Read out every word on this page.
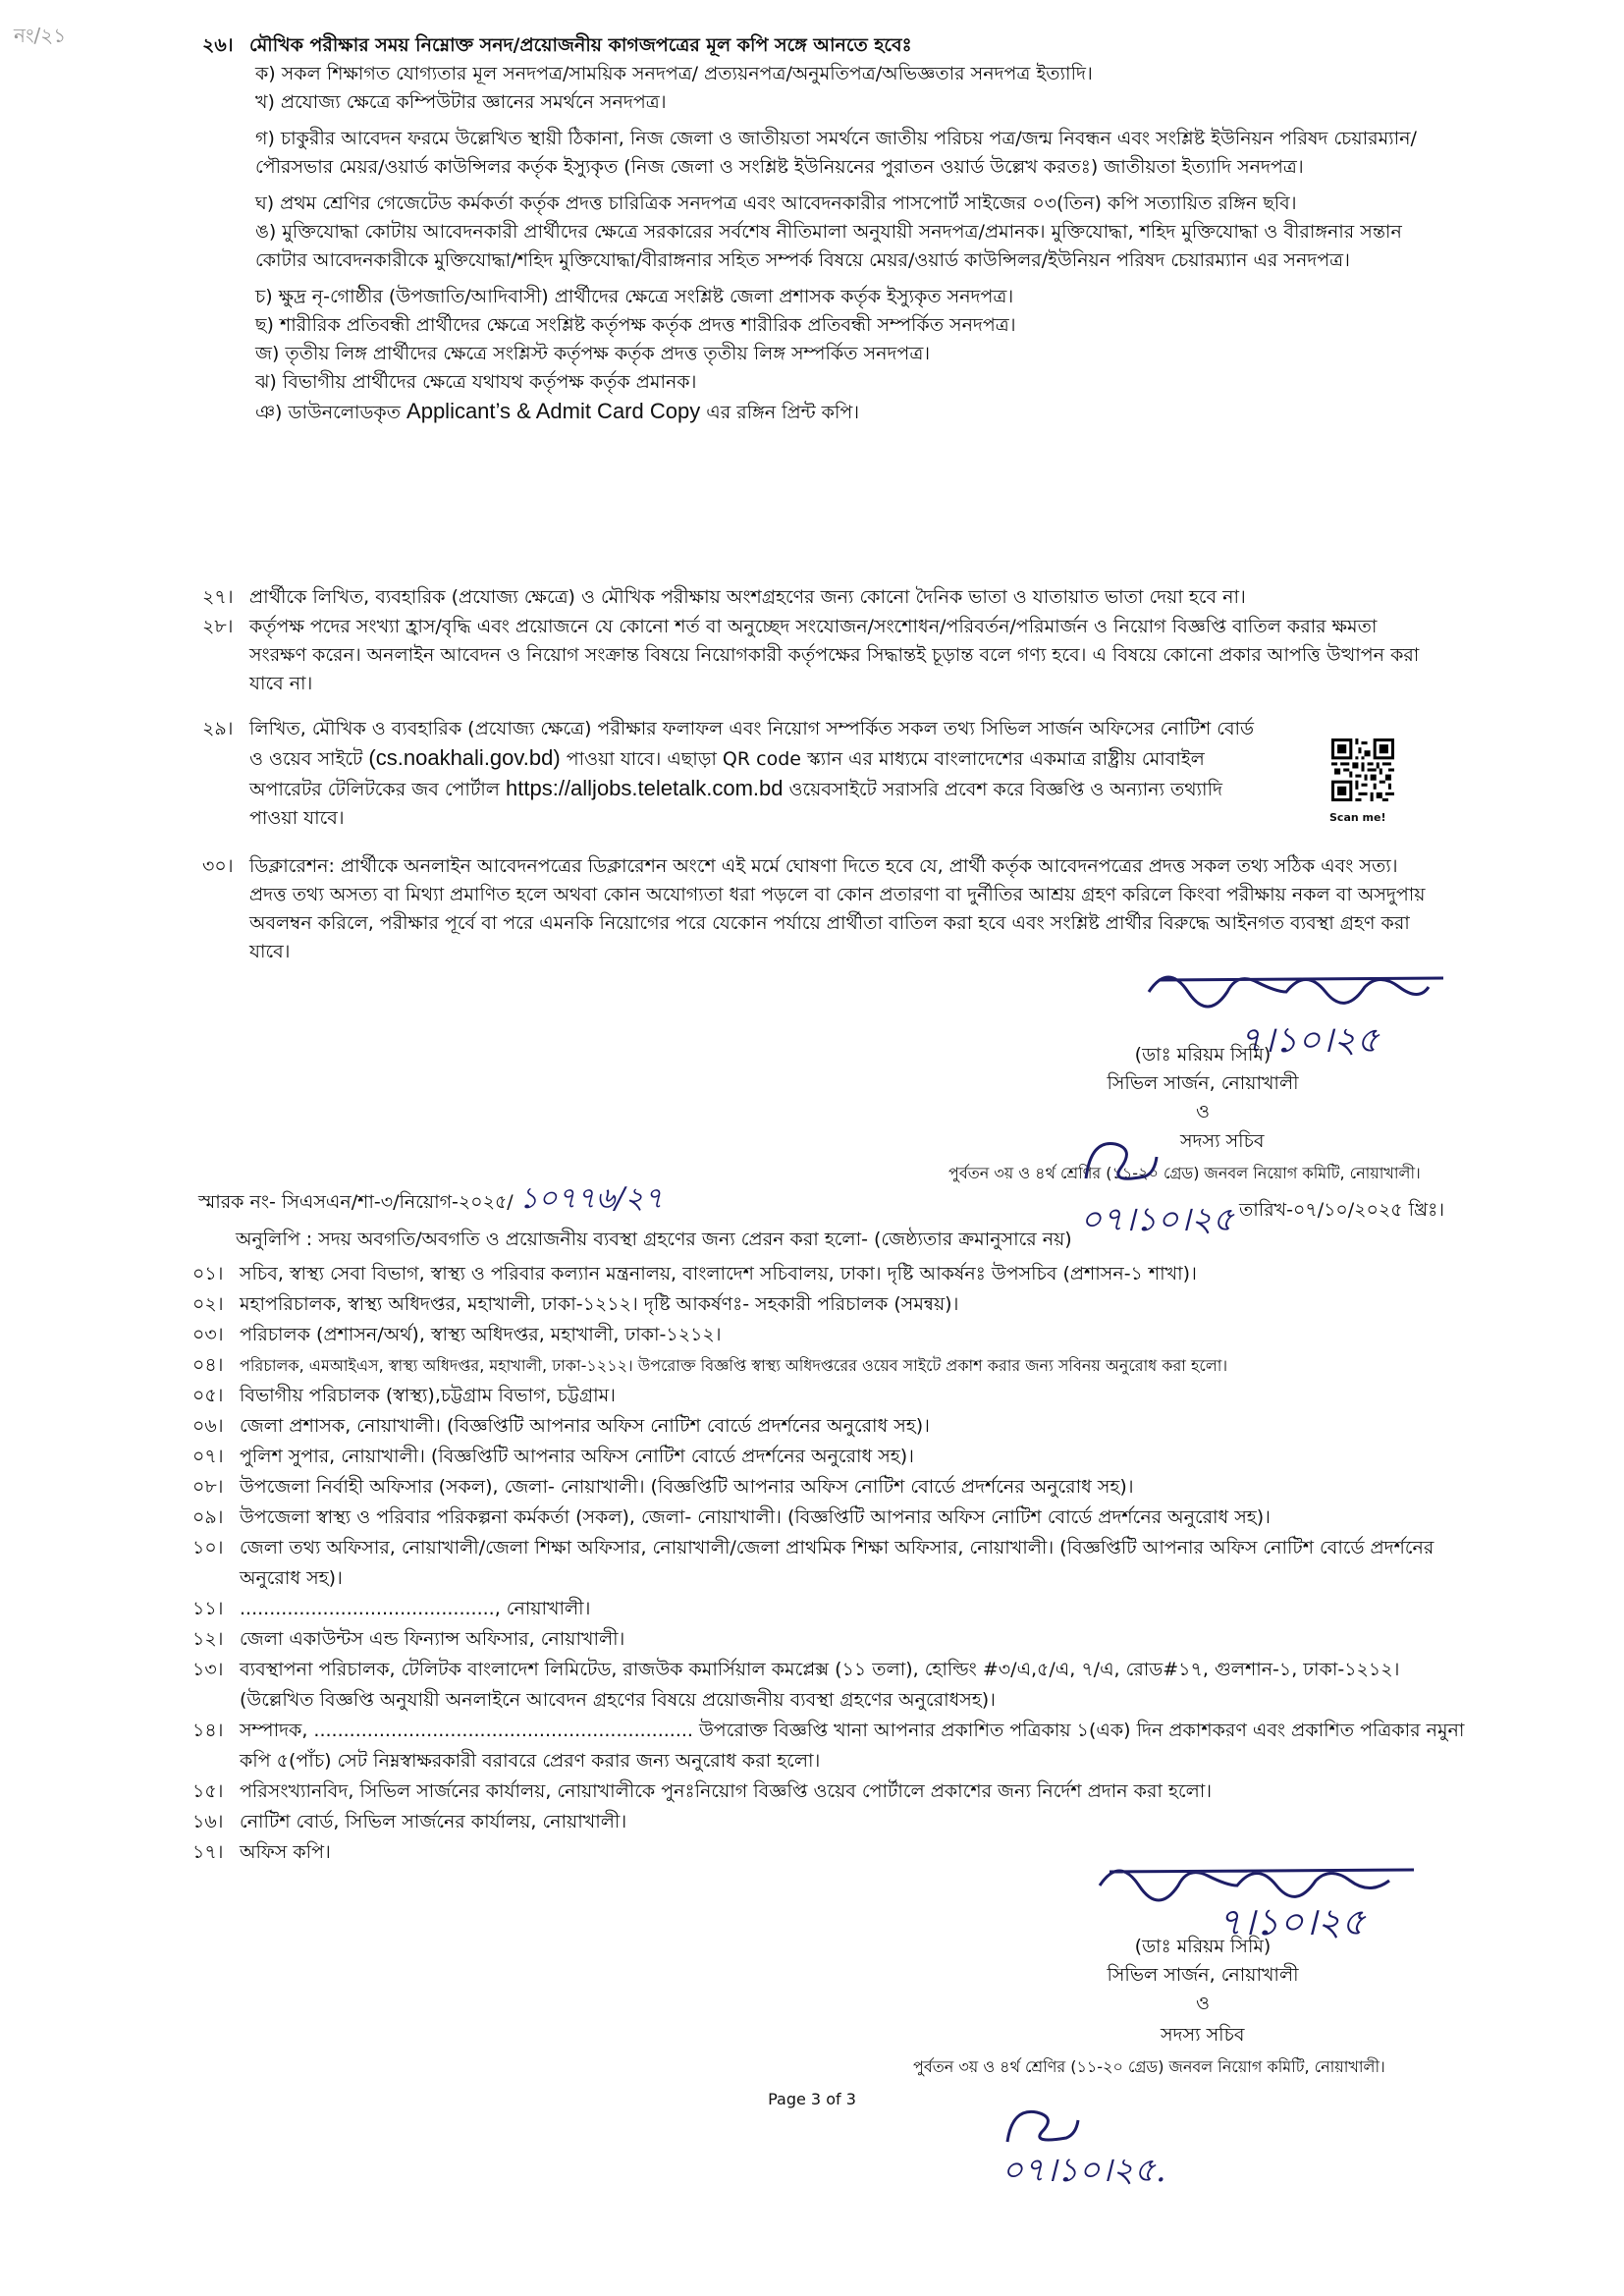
নং/২১	২৬। মৌখিক পরীক্ষার সময় নিম্নোক্ত সনদ/প্রয়োজনীয় কাগজপত্রের মূল কপি সঙ্গে আনতে হবেঃ

ক) সকল শিক্ষাগত যোগ্যতার মূল সনদপত্র/সাময়িক সনদপত্র/ প্রত্যয়নপত্র/অনুমতিপত্র/অভিজ্ঞতার সনদপত্র ইত্যাদি।

খ) প্রযোজ্য ক্ষেত্রে কম্পিউটার জ্ঞানের সমর্থনে সনদপত্র।

গ) চাকুরীর আবেদন ফরমে উল্লেখিত স্থায়ী ঠিকানা, নিজ জেলা ও জাতীয়তা সমর্থনে জাতীয় পরিচয় পত্র/জন্ম নিবন্ধন এবং সংশ্লিষ্ট ইউনিয়ন পরিষদ চেয়ারম্যান/পৌরসভার মেয়র/ওয়ার্ড কাউন্সিলর কর্তৃক ইস্যুকৃত (নিজ জেলা ও সংশ্লিষ্ট ইউনিয়নের পুরাতন ওয়ার্ড উল্লেখ করতঃ) জাতীয়তা ইত্যাদি সনদপত্র।

ঘ) প্রথম শ্রেণির গেজেটেড কর্মকর্তা কর্তৃক প্রদত্ত চারিত্রিক সনদপত্র এবং আবেদনকারীর পাসপোর্ট সাইজের ০৩(তিন) কপি সত্যায়িত রঙ্গিন ছবি।

ঙ) মুক্তিযোদ্ধা কোটায় আবেদনকারী প্রার্থীদের ক্ষেত্রে সরকারের সর্বশেষ নীতিমালা অনুযায়ী সনদপত্র/প্রমানক। মুক্তিযোদ্ধা, শহিদ মুক্তিযোদ্ধা ও বীরাঙ্গনার সন্তান কোটার আবেদনকারীকে মুক্তিযোদ্ধা/শহিদ মুক্তিযোদ্ধা/বীরাঙ্গনার সহিত সম্পর্ক বিষয়ে মেয়র/ওয়ার্ড কাউন্সিলর/ইউনিয়ন পরিষদ চেয়ারম্যান এর সনদপত্র।

চ) ক্ষুদ্র নৃ-গোষ্ঠীর (উপজাতি/আদিবাসী) প্রার্থীদের ক্ষেত্রে সংশ্লিষ্ট জেলা প্রশাসক কর্তৃক ইস্যুকৃত সনদপত্র।

ছ) শারীরিক প্রতিবন্ধী প্রার্থীদের ক্ষেত্রে সংশ্লিষ্ট কর্তৃপক্ষ কর্তৃক প্রদত্ত শারীরিক প্রতিবন্ধী সম্পর্কিত সনদপত্র।

জ) তৃতীয় লিঙ্গ প্রার্থীদের ক্ষেত্রে সংশ্লিস্ট কর্তৃপক্ষ কর্তৃক প্রদত্ত তৃতীয় লিঙ্গ সম্পর্কিত সনদপত্র।

ঝ) বিভাগীয় প্রার্থীদের ক্ষেত্রে যথাযথ কর্তৃপক্ষ কর্তৃক প্রমানক।

ঞ) ডাউনলোডকৃত Applicant’s & Admit Card Copy এর রঙ্গিন প্রিন্ট কপি।

২৭। প্রার্থীকে লিখিত, ব্যবহারিক (প্রযোজ্য ক্ষেত্রে) ও মৌখিক পরীক্ষায় অংশগ্রহণের জন্য কোনো দৈনিক ভাতা ও যাতায়াত ভাতা দেয়া হবে না।
২৮। কর্তৃপক্ষ পদের সংখ্যা হ্রাস/বৃদ্ধি এবং প্রয়োজনে যে কোনো শর্ত বা অনুচ্ছেদ সংযোজন/সংশোধন/পরিবর্তন/পরিমার্জন ও নিয়োগ বিজ্ঞপ্তি বাতিল করার ক্ষমতা সংরক্ষণ করেন। অনলাইন আবেদন ও নিয়োগ সংক্রান্ত বিষয়ে নিয়োগকারী কর্তৃপক্ষের সিদ্ধান্তই চূড়ান্ত বলে গণ্য হবে। এ বিষয়ে কোনো প্রকার আপত্তি উত্থাপন করা যাবে না।
২৯। লিখিত, মৌখিক ও ব্যবহারিক (প্রযোজ্য ক্ষেত্রে) পরীক্ষার ফলাফল এবং নিয়োগ সম্পর্কিত সকল তথ্য সিভিল সার্জন অফিসের নোটিশ বোর্ড ও ওয়েব সাইটে (cs.noakhali.gov.bd) পাওয়া যাবে। এছাড়া QR code স্ক্যান এর মাধ্যমে বাংলাদেশের একমাত্র রাষ্ট্রীয় মোবাইল অপারেটর টেলিটকের জব পোর্টাল https://alljobs.teletalk.com.bd ওয়েবসাইটে সরাসরি প্রবেশ করে বিজ্ঞপ্তি ও অন্যান্য তথ্যাদি পাওয়া যাবে।	Scan me!
৩০। ডিক্লারেশন: প্রার্থীকে অনলাইন আবেদনপত্রের ডিক্লারেশন অংশে এই মর্মে ঘোষণা দিতে হবে যে, প্রার্থী কর্তৃক আবেদনপত্রের প্রদত্ত সকল তথ্য সঠিক এবং সত্য। প্রদত্ত তথ্য অসত্য বা মিথ্যা প্রমাণিত হলে অথবা কোন অযোগ্যতা ধরা পড়লে বা কোন প্রতারণা বা দুর্নীতির আশ্রয় গ্রহণ করিলে কিংবা পরীক্ষায় নকল বা অসদুপায় অবলম্বন করিলে, পরীক্ষার পূর্বে বা পরে এমনকি নিয়োগের পরে যেকোন পর্যায়ে প্রার্থীতা বাতিল করা হবে এবং সংশ্লিষ্ট প্রার্থীর বিরুদ্ধে আইনগত ব্যবস্থা গ্রহণ করা যাবে।
৭।১০।২৫

(ডাঃ মরিয়ম সিমি)

সিভিল সার্জন, নোয়াখালী

ও

সদস্য সচিব
পুর্বতন ৩য় ও ৪র্থ শ্রেণির (১১-২০ গ্রেড) জনবল নিয়োগ কমিটি, নোয়াখালী।
স্মারক নং- সিএসএন/শা-৩/নিয়োগ-২০২৫/ ১০৭৭৬/২৭
০৭।১০।২৫ তারিখ-০৭/১০/২০২৫ খ্রিঃ।
অনুলিপি : সদয় অবগতি/অবগতি ও প্রয়োজনীয় ব্যবস্থা গ্রহণের জন্য প্রেরন করা হলো- (জেষ্ঠ্যতার ক্রমানুসারে নয়)
০১। সচিব, স্বাস্থ্য সেবা বিভাগ, স্বাস্থ্য ও পরিবার কল্যান মন্ত্রনালয়, বাংলাদেশ সচিবালয়, ঢাকা। দৃষ্টি আকর্ষনঃ উপসচিব (প্রশাসন-১ শাখা)।
০২। মহাপরিচালক, স্বাস্থ্য অধিদপ্তর, মহাখালী, ঢাকা-১২১২। দৃষ্টি আকর্ষণঃ- সহকারী পরিচালক (সমন্বয়)।
০৩। পরিচালক (প্রশাসন/অর্থ), স্বাস্থ্য অধিদপ্তর, মহাখালী, ঢাকা-১২১২।
০৪।	পরিচালক, এমআইএস, স্বাস্থ্য অধিদপ্তর, মহাখালী, ঢাকা-১২১২। উপরোক্ত বিজ্ঞপ্তি স্বাস্থ্য অধিদপ্তরের ওয়েব সাইটে প্রকাশ করার জন্য সবিনয় অনুরোধ করা হলো।
০৫। বিভাগীয় পরিচালক (স্বাস্থ্য),চট্টগ্রাম বিভাগ, চট্টগ্রাম।
০৬। জেলা প্রশাসক, নোয়াখালী। (বিজ্ঞপ্তিটি আপনার অফিস নোটিশ বোর্ডে প্রদর্শনের অনুরোধ সহ)।
০৭। পুলিশ সুপার, নোয়াখালী। (বিজ্ঞপ্তিটি আপনার অফিস নোটিশ বোর্ডে প্রদর্শনের অনুরোধ সহ)।
০৮। উপজেলা নির্বাহী অফিসার (সকল), জেলা- নোয়াখালী। (বিজ্ঞপ্তিটি আপনার অফিস নোটিশ বোর্ডে প্রদর্শনের অনুরোধ সহ)।
০৯। উপজেলা স্বাস্থ্য ও পরিবার পরিকল্পনা কর্মকর্তা (সকল), জেলা- নোয়াখালী। (বিজ্ঞপ্তিটি আপনার অফিস নোটিশ বোর্ডে প্রদর্শনের অনুরোধ সহ)।
১০। জেলা তথ্য অফিসার, নোয়াখালী/জেলা শিক্ষা অফিসার, নোয়াখালী/জেলা প্রাথমিক শিক্ষা অফিসার, নোয়াখালী। (বিজ্ঞপ্তিটি আপনার অফিস নোটিশ বোর্ডে প্রদর্শনের অনুরোধ সহ)।
১১। ..........................................., নোয়াখালী।
১২। জেলা একাউন্টস এন্ড ফিন্যান্স অফিসার, নোয়াখালী।
১৩। ব্যবস্থাপনা পরিচালক, টেলিটক বাংলাদেশ লিমিটেড, রাজউক কমার্সিয়াল কমপ্লেক্স (১১ তলা), হোল্ডিং #৩/এ,৫/এ, ৭/এ, রোড#১৭, গুলশান-১, ঢাকা-১২১২। (উল্লেখিত বিজ্ঞপ্তি অনুযায়ী অনলাইনে আবেদন গ্রহণের বিষয়ে প্রয়োজনীয় ব্যবস্থা গ্রহণের অনুরোধসহ)।
১৪। সম্পাদক, ................................................................ উপরোক্ত বিজ্ঞপ্তি খানা আপনার প্রকাশিত পত্রিকায় ১(এক) দিন প্রকাশকরণ এবং প্রকাশিত পত্রিকার নমুনা কপি ৫(পাঁচ) সেট নিম্নস্বাক্ষরকারী বরাবরে প্রেরণ করার জন্য অনুরোধ করা হলো।
১৫। পরিসংখ্যানবিদ, সিভিল সার্জনের কার্যালয়, নোয়াখালীকে পুনঃনিয়োগ বিজ্ঞপ্তি ওয়েব পোর্টালে প্রকাশের জন্য নির্দেশ প্রদান করা হলো।
১৬। নোটিশ বোর্ড, সিভিল সার্জনের কার্যালয়, নোয়াখালী।
১৭। অফিস কপি।
৭।১০।২৫

(ডাঃ মরিয়ম সিমি)

সিভিল সার্জন, নোয়াখালী

ও

সদস্য সচিব
পুর্বতন ৩য় ও ৪র্থ শ্রেণির (১১-২০ গ্রেড) জনবল নিয়োগ কমিটি, নোয়াখালী।
০৭।১০।২৫.
Page 3 of 3
